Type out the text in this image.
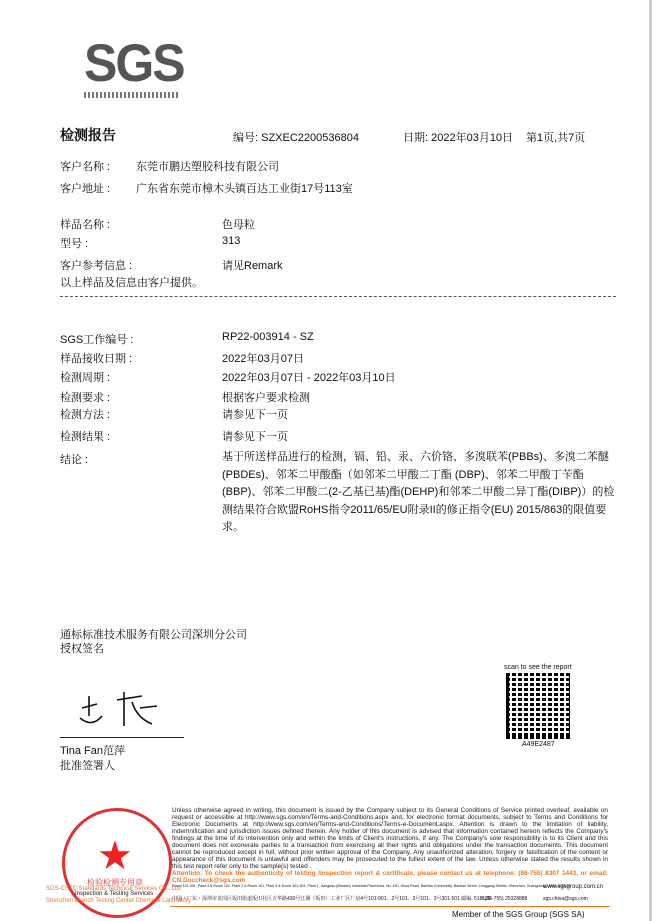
SGS
检测报告	编号: SZXEC2200536804	日期: 2022年03月10日 第1页,共7页
客户名称 : 东莞市鹏达塑胶科技有限公司
客户地址 : 广东省东莞市樟木头镇百达工业街17号113室
样品名称 :	色母粒
型号 :	313
客户参考信息 :	请见Remark
以上样品及信息由客户提供。
SGS工作编号 :	RP22-003914 - SZ
样品接收日期 :	2022年03月07日
检测周期 :	2022年03月07日 - 2022年03月10日
检测要求 :	根据客户要求检测
检测方法 :	请参见下一页
检测结果 :	请参见下一页
结论 :	基于所送样品进行的检测，镉、铅、汞、六价铬、多溴联苯(PBBs)、多溴二苯醚(PBDEs)、邻苯二甲酸酯（如邻苯二甲酸二丁酯 (DBP)、邻苯二甲酸丁苄酯(BBP)、邻苯二甲酸二(2-乙基已基)酯(DEHP)和邻苯二甲酸二异丁酯(DIBP)）的检测结果符合欧盟RoHS指令2011/65/EU附录II的修正指令(EU) 2015/863的限值要求。
通标标准技术服务有限公司深圳分公司
授权签名
Tina Fan范萍
批准签署人
scan to see the report
A49E2487
★
检验检测专用章
Inspection & Testing Services
SGS-CSTC Standards Technical Services Co., Ltd.
Shenzhen Branch Testing Center Chemical Laboratory
Unless otherwise agreed in writing, this document is issued by the Company subject to its General Conditions of Service printed overleaf, available on request or accessible at http://www.sgs.com/en/Terms-and-Conditions.aspx and, for electronic format documents, subject to Terms and Conditions for Electronic Documents at http://www.sgs.com/en/Terms-and-Conditions/Terms-e-Document.aspx. Attention is drawn to the limitation of liability, indemnification and jurisdiction issues defined therein. Any holder of this document is advised that information contained hereon reflects the Company's findings at the time of its intervention only and within the limits of Client's instructions, if any. The Company's sole responsibility is to its Client and this document does not exonerate parties to a transaction from exercising all their rights and obligations under the transaction documents. This document cannot be reproduced except in full, without prior written approval of the Company. Any unauthorized alteration, forgery or falsification of the content or appearance of this document is unlawful and offenders may be prosecuted to the fullest extent of the law. Unless otherwise stated the results shown in this test report refer only to the sample(s) tested .
Attention: To check the authenticity of testing /inspection report & certificate, please contact us at telephone: (86-755) 8307 1443, or email: CN.Doccheck@sgs.com
Room 101-901, Plant 4 & Room 101, Plant 2 & Room 101, Plant 3 & Room 301-901, Plant 1, Jiangbao (Bantian) Industrial Plant Area, No. 430, Jihua Road, Bantian Community, Bantian Street, Longgang District, Shenzhen, Guangdong, China 518129
www.sgsgroup.com.cn
中国・广东・深圳市龙岗区坂田街道坂田社区吉华路430号江灏（坂田）工业厂区厂房4号101-901、2号101、3号101、3号301-501 邮编: 518129
t (86-755) 25328888	sgs.china@sgs.com
Member of the SGS Group (SGS SA)
